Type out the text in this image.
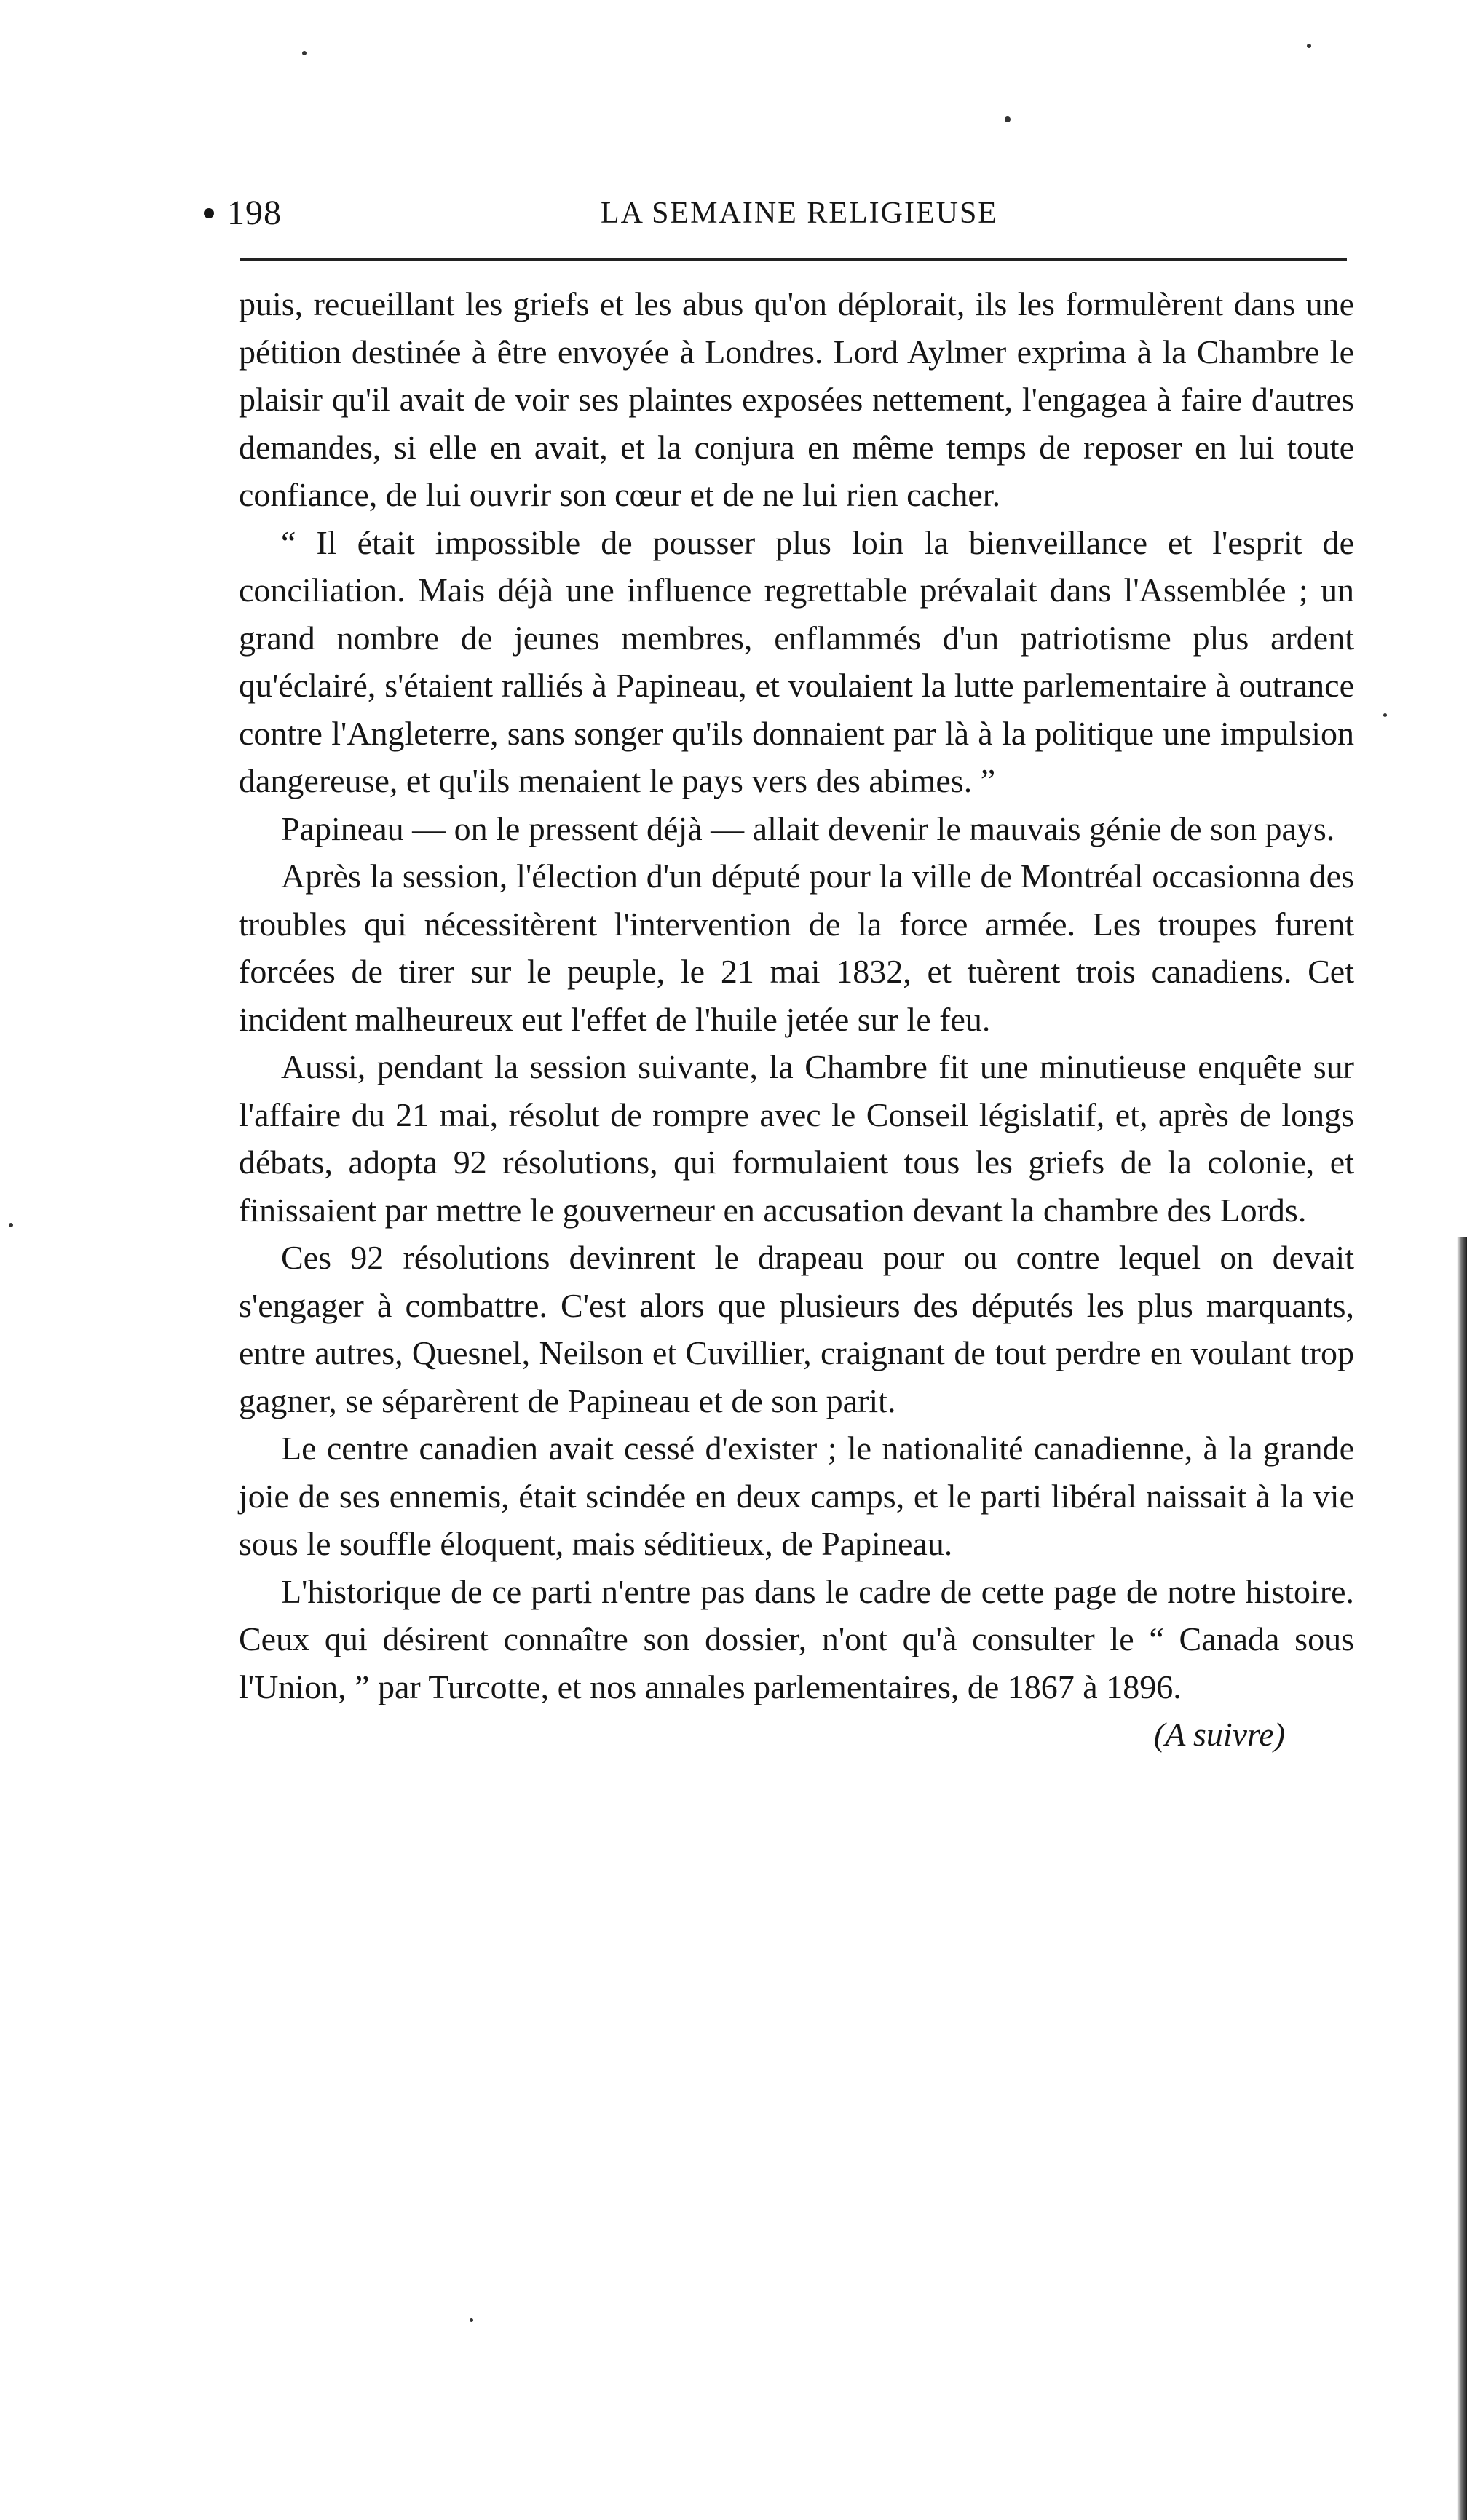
198	LA SEMAINE RELIGIEUSE

puis, recueillant les griefs et les abus qu'on déplorait, ils les formulèrent dans une pétition destinée à être envoyée à Londres. Lord Aylmer exprima à la Chambre le plaisir qu'il avait de voir ses plaintes exposées nettement, l'engagea à faire d'autres demandes, si elle en avait, et la conjura en même temps de reposer en lui toute confiance, de lui ouvrir son cœur et de ne lui rien cacher.

“ Il était impossible de pousser plus loin la bienveillance et l'esprit de conciliation. Mais déjà une influence regrettable prévalait dans l'Assemblée ; un grand nombre de jeunes membres, enflammés d'un patriotisme plus ardent qu'éclairé, s'étaient ralliés à Papineau, et voulaient la lutte parlementaire à outrance contre l'Angleterre, sans songer qu'ils donnaient par là à la politique une impulsion dangereuse, et qu'ils menaient le pays vers des abimes. ”

Papineau — on le pressent déjà — allait devenir le mauvais génie de son pays.

Après la session, l'élection d'un député pour la ville de Montréal occasionna des troubles qui nécessitèrent l'intervention de la force armée. Les troupes furent forcées de tirer sur le peuple, le 21 mai 1832, et tuèrent trois canadiens. Cet incident malheureux eut l'effet de l'huile jetée sur le feu.

Aussi, pendant la session suivante, la Chambre fit une minutieuse enquête sur l'affaire du 21 mai, résolut de rompre avec le Conseil législatif, et, après de longs débats, adopta 92 résolutions, qui formulaient tous les griefs de la colonie, et finissaient par mettre le gouverneur en accusation devant la chambre des Lords.

Ces 92 résolutions devinrent le drapeau pour ou contre lequel on devait s'engager à combattre. C'est alors que plusieurs des députés les plus marquants, entre autres, Quesnel, Neilson et Cuvillier, craignant de tout perdre en voulant trop gagner, se séparèrent de Papineau et de son parit.

Le centre canadien avait cessé d'exister ; le nationalité canadienne, à la grande joie de ses ennemis, était scindée en deux camps, et le parti libéral naissait à la vie sous le souffle éloquent, mais séditieux, de Papineau.

L'historique de ce parti n'entre pas dans le cadre de cette page de notre histoire. Ceux qui désirent connaître son dossier, n'ont qu'à consulter le “ Canada sous l'Union, ” par Turcotte, et nos annales parlementaires, de 1867 à 1896.
(A suivre)
